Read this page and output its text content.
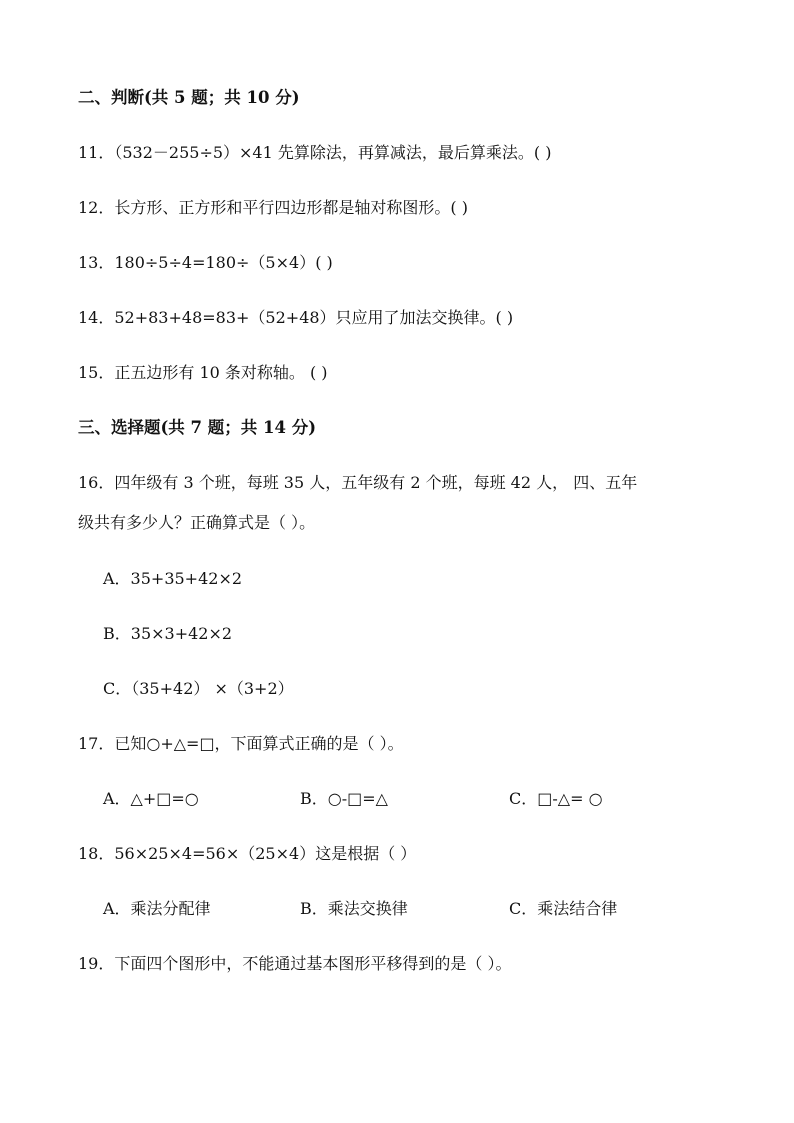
二、判断(共 5 题；共 10 分)
11．（532－255÷5）×41 先算除法，再算减法，最后算乘法。( )
12．长方形、正方形和平行四边形都是轴对称图形。( )
13．180÷5÷4=180÷（5×4）( )
14．52+83+48=83+（52+48）只应用了加法交换律。( )
15．正五边形有 10 条对称轴。 ( )
三、选择题(共 7 题；共 14 分)
16．四年级有 3 个班，每班 35 人，五年级有 2 个班，每班 42 人， 四、五年
级共有多少人？正确算式是（ ）。
A．35+35+42×2
B．35×3+42×2
C．（35+42） ×（3+2）
17．已知○+△=□，下面算式正确的是（ ）。
A．△+□=○	B．○-□=△	C．□-△= ○
18．56×25×4=56×（25×4）这是根据（ ）
A．乘法分配律	B．乘法交换律	C．乘法结合律
19．下面四个图形中，不能通过基本图形平移得到的是（ ）。
